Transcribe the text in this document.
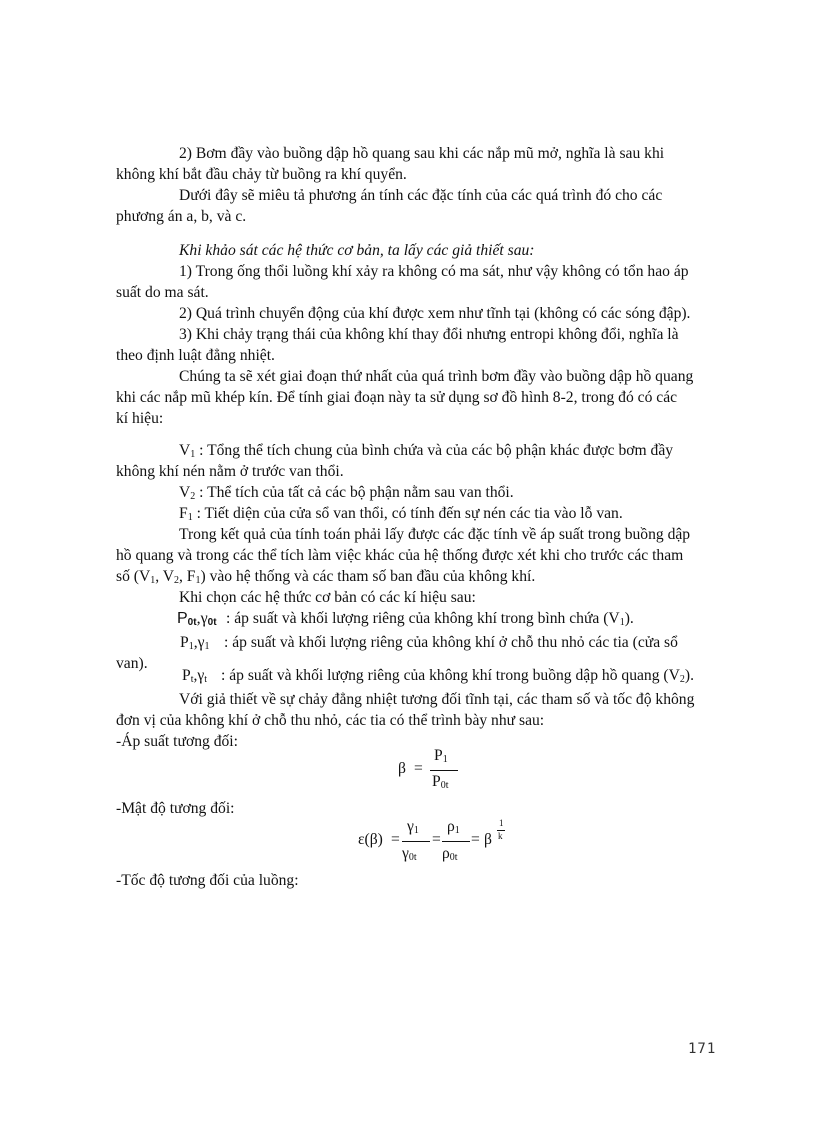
2) Bơm đầy vào buồng dập hồ quang sau khi các nắp mũ mở, nghĩa là sau khi
không khí bắt đầu chảy từ buồng ra khí quyển.
Dưới đây sẽ miêu tả phương án tính các đặc tính của các quá trình đó cho các
phương án a, b, và c.
Khi khảo sát các hệ thức cơ bản, ta lấy các giả thiết sau:
1) Trong ống thổi luồng khí xảy ra không có ma sát, như vậy không có tổn hao áp
suất do ma sát.
2) Quá trình chuyển động của khí được xem như tĩnh tại (không có các sóng đập).
3) Khi chảy trạng thái của không khí thay đổi nhưng entropi không đổi, nghĩa là
theo định luật đẳng nhiệt.
Chúng ta sẽ xét giai đoạn thứ nhất của quá trình bơm đầy vào buồng dập hồ quang
khi các nắp mũ khép kín. Để tính giai đoạn này ta sử dụng sơ đồ hình 8-2, trong đó có các
kí hiệu:
$V_1$ : Tổng thể tích chung của bình chứa và của các bộ phận khác được bơm đầy
không khí nén nằm ở trước van thổi.
$V_2$ : Thể tích của tất cả các bộ phận nằm sau van thổi.
$F_1$ : Tiết diện của cửa sổ van thổi, có tính đến sự nén các tia vào lỗ van.
Trong kết quả của tính toán phải lấy được các đặc tính về áp suất trong buồng dập
hồ quang và trong các thể tích làm việc khác của hệ thống được xét khi cho trước các tham
số ($V_1$, $V_2$, $F_1$) vào hệ thống và các tham số ban đầu của không khí.
Khi chọn các hệ thức cơ bản có các kí hiệu sau:
$P_{0t},\gamma_{0t}$ : áp suất và khối lượng riêng của không khí trong bình chứa $(V_1)$.
$P_1,\gamma_1$ : áp suất và khối lượng riêng của không khí ở chỗ thu nhỏ các tia (cửa sổ
van).
$P_t,\gamma_t$ : áp suất và khối lượng riêng của không khí trong buồng dập hồ quang $(V_2)$.
Với giả thiết về sự chảy đẳng nhiệt tương đối tĩnh tại, các tham số và tốc độ không
đơn vị của không khí ở chỗ thu nhỏ, các tia có thể trình bày như sau:
-Áp suất tương đối:
β =
$P_1$
$P_{0t}$
-Mật độ tương đối:
ε(β) =
$\gamma_1$
$\gamma_{0t}$
=
$\rho_1$
$\rho_{0t}$
= β
1
k
-Tốc độ tương đối của luồng:
171
